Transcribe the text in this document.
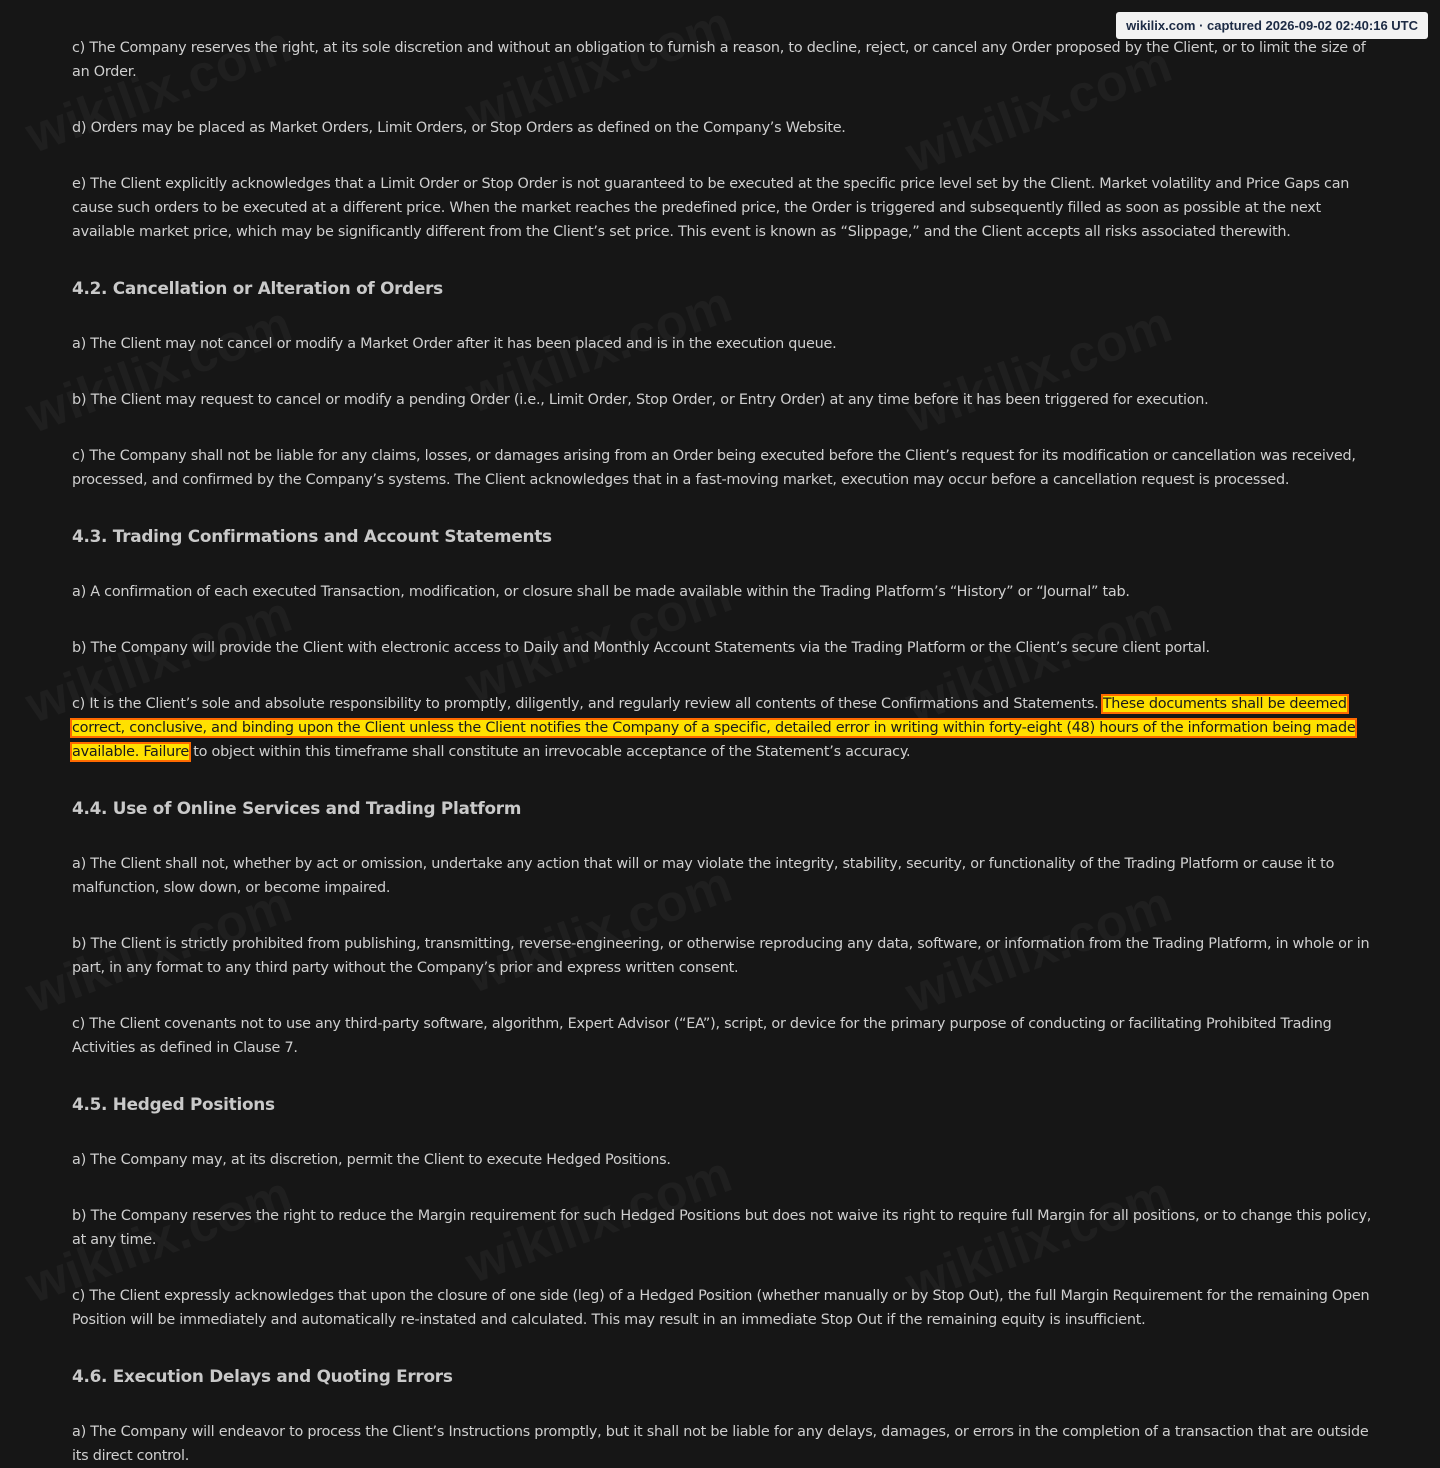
c) The Company reserves the right, at its sole discretion and without an obligation to furnish a reason, to decline, reject, or cancel any Order proposed by the Client, or to limit the size of an Order.

d) Orders may be placed as Market Orders, Limit Orders, or Stop Orders as defined on the Company’s Website.

e) The Client explicitly acknowledges that a Limit Order or Stop Order is not guaranteed to be executed at the specific price level set by the Client. Market volatility and Price Gaps can cause such orders to be executed at a different price. When the market reaches the predefined price, the Order is triggered and subsequently filled as soon as possible at the next available market price, which may be significantly different from the Client’s set price. This event is known as “Slippage,” and the Client accepts all risks associated therewith.

4.2. Cancellation or Alteration of Orders

a) The Client may not cancel or modify a Market Order after it has been placed and is in the execution queue.

b) The Client may request to cancel or modify a pending Order (i.e., Limit Order, Stop Order, or Entry Order) at any time before it has been triggered for execution.

c) The Company shall not be liable for any claims, losses, or damages arising from an Order being executed before the Client’s request for its modification or cancellation was received, processed, and confirmed by the Company’s systems. The Client acknowledges that in a fast-moving market, execution may occur before a cancellation request is processed.

4.3. Trading Confirmations and Account Statements

a) A confirmation of each executed Transaction, modification, or closure shall be made available within the Trading Platform’s “History” or “Journal” tab.

b) The Company will provide the Client with electronic access to Daily and Monthly Account Statements via the Trading Platform or the Client’s secure client portal.

c) It is the Client’s sole and absolute responsibility to promptly, diligently, and regularly review all contents of these Confirmations and Statements. These documents shall be deemed correct, conclusive, and binding upon the Client unless the Client notifies the Company of a specific, detailed error in writing within forty-eight (48) hours of the information being made available. Failure to object within this timeframe shall constitute an irrevocable acceptance of the Statement’s accuracy.

4.4. Use of Online Services and Trading Platform

a) The Client shall not, whether by act or omission, undertake any action that will or may violate the integrity, stability, security, or functionality of the Trading Platform or cause it to malfunction, slow down, or become impaired.

b) The Client is strictly prohibited from publishing, transmitting, reverse-engineering, or otherwise reproducing any data, software, or information from the Trading Platform, in whole or in part, in any format to any third party without the Company’s prior and express written consent.

c) The Client covenants not to use any third-party software, algorithm, Expert Advisor (“EA”), script, or device for the primary purpose of conducting or facilitating Prohibited Trading Activities as defined in Clause 7.

4.5. Hedged Positions

a) The Company may, at its discretion, permit the Client to execute Hedged Positions.

b) The Company reserves the right to reduce the Margin requirement for such Hedged Positions but does not waive its right to require full Margin for all positions, or to change this policy, at any time.

c) The Client expressly acknowledges that upon the closure of one side (leg) of a Hedged Position (whether manually or by Stop Out), the full Margin Requirement for the remaining Open Position will be immediately and automatically re-instated and calculated. This may result in an immediate Stop Out if the remaining equity is insufficient.

4.6. Execution Delays and Quoting Errors

a) The Company will endeavor to process the Client’s Instructions promptly, but it shall not be liable for any delays, damages, or errors in the completion of a transaction that are outside its direct control.

wikilix.com · captured 2026-09-02 02:40:16 UTC
